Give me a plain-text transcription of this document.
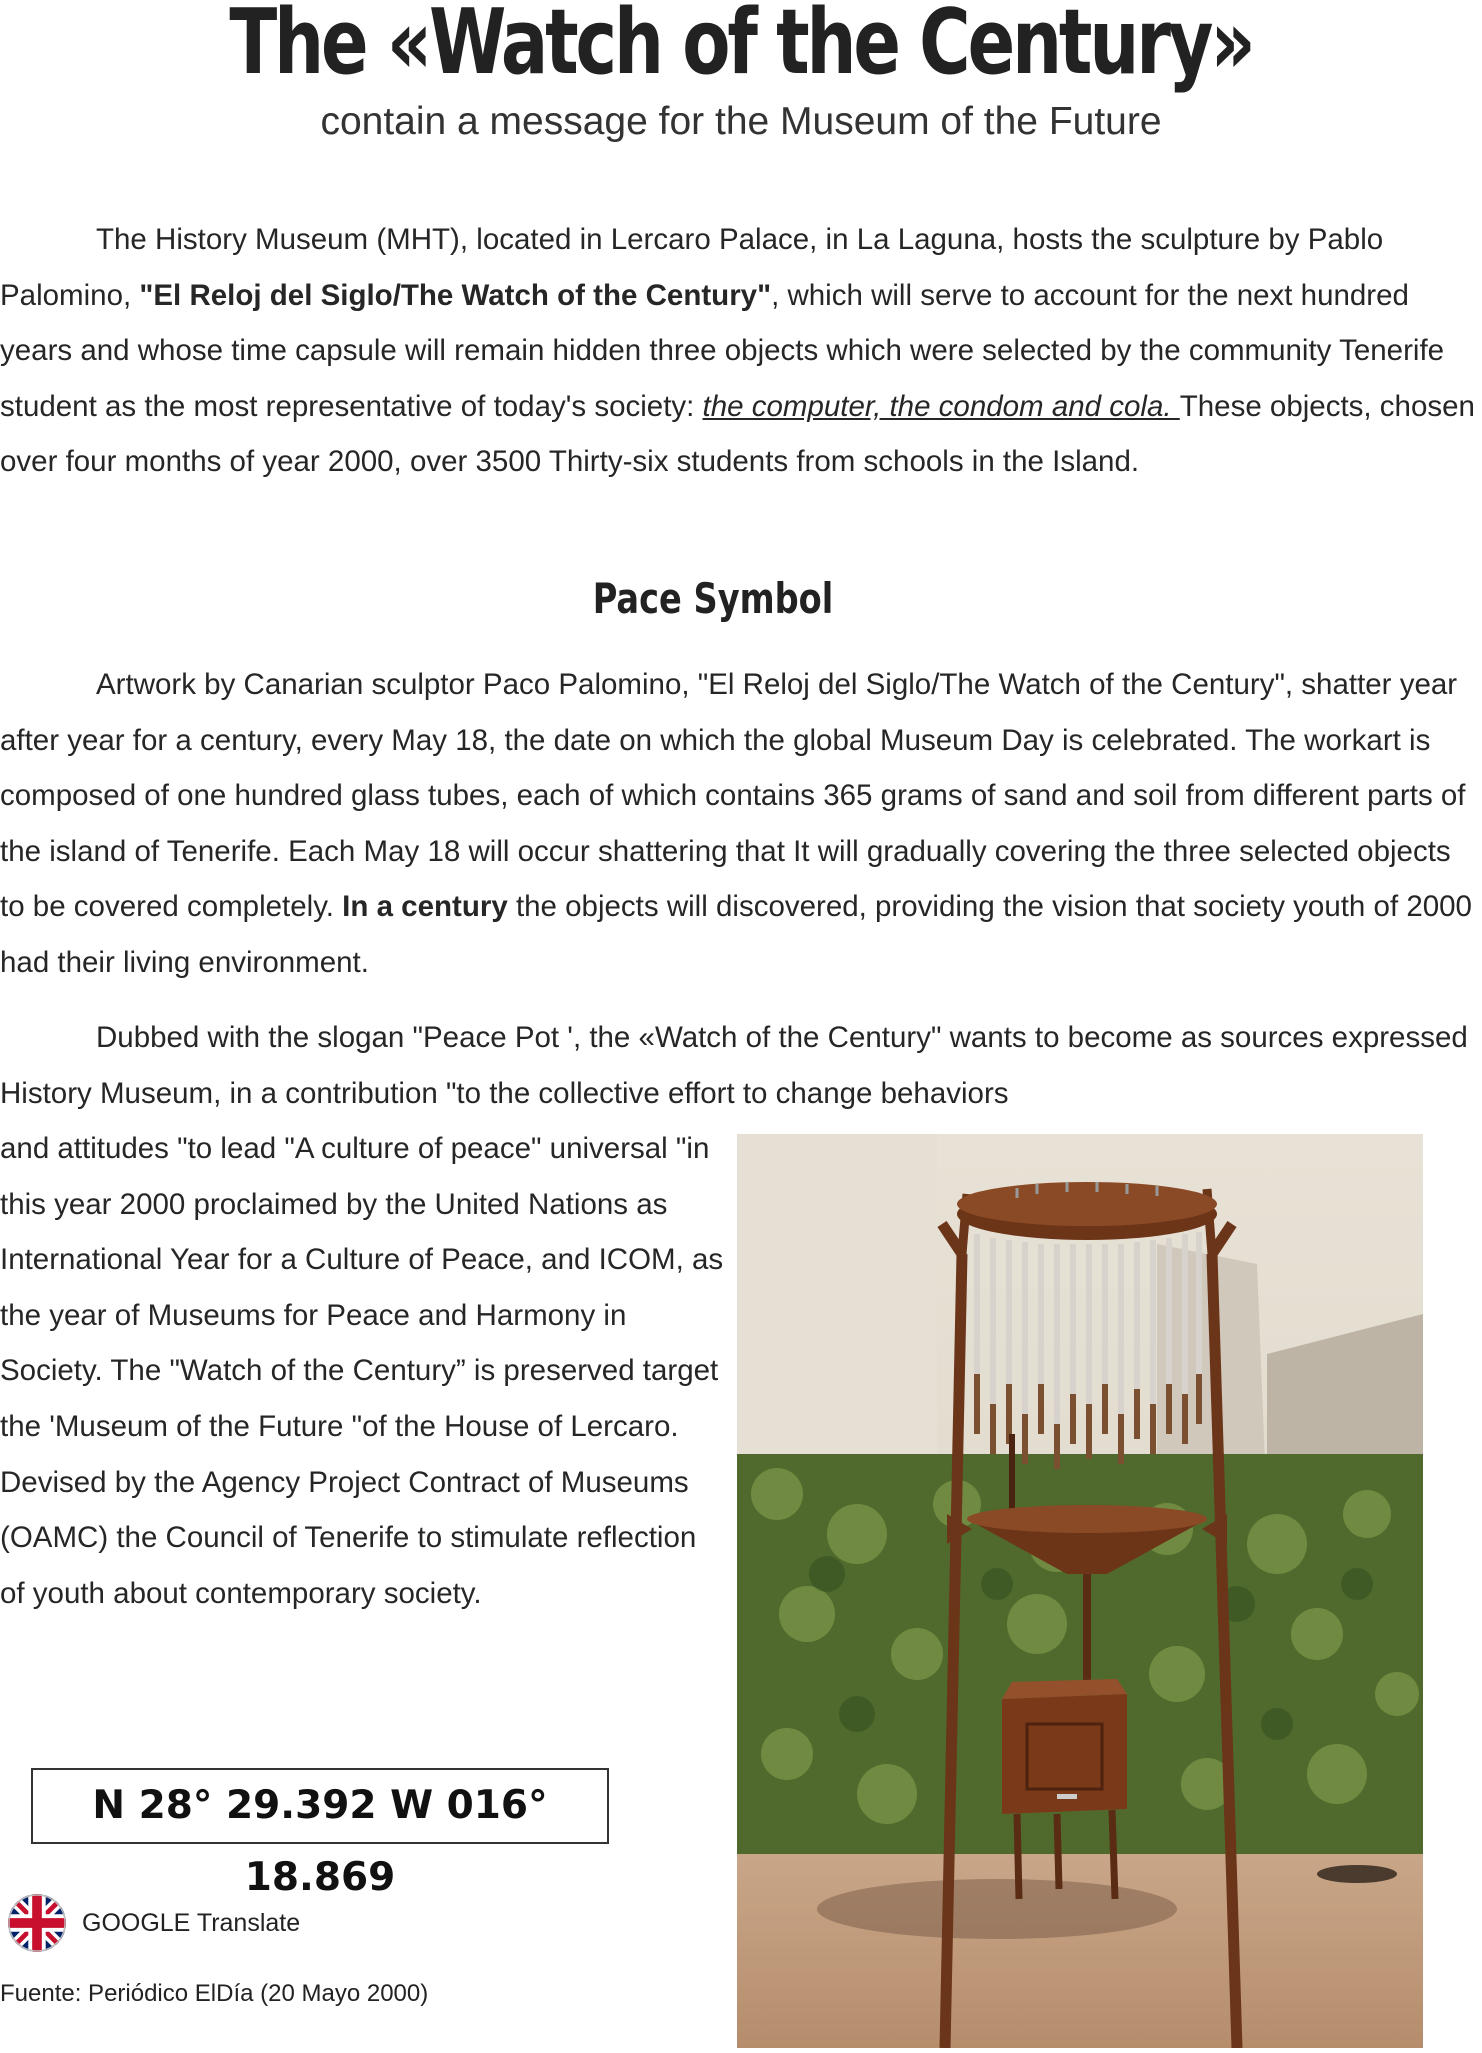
The «Watch of the Century»

contain a message for the Museum of the Future

The History Museum (MHT), located in Lercaro Palace, in La Laguna, hosts the sculpture by Pablo Palomino, "El Reloj del Siglo/The Watch of the Century", which will serve to account for the next hundred years and whose time capsule will remain hidden three objects which were selected by the community Tenerife student as the most representative of today's society: the computer, the condom and cola. These objects, chosen over four months of year 2000, over 3500 Thirty-six students from schools in the Island.

Pace Symbol

Artwork by Canarian sculptor Paco Palomino, "El Reloj del Siglo/The Watch of the Century", shatter year after year for a century, every May 18, the date on which the global Museum Day is celebrated. The workart is composed of one hundred glass tubes, each of which contains 365 grams of sand and soil from different parts of the island of Tenerife. Each May 18 will occur shattering that It will gradually covering the three selected objects to be covered completely. In a century the objects will discovered, providing the vision that society youth of 2000 had their living environment.

Dubbed with the slogan "Peace Pot ', the «Watch of the Century" wants to become as sources expressed History Museum, in a contribution "to the collective effort to change behaviors

and attitudes "to lead "A culture of peace" universal "in this year 2000 proclaimed by the United Nations as International Year for a Culture of Peace, and ICOM, as the year of Museums for Peace and Harmony in Society. The "Watch of the Century” is preserved target the 'Museum of the Future "of the House of Lercaro. Devised by the Agency Project Contract of Museums (OAMC) the Council of Tenerife to stimulate reflection of youth about contemporary society.

N 28° 29.392 W 016° 18.869
GOOGLE Translate
Fuente: Periódico ElDía (20 Mayo 2000)
